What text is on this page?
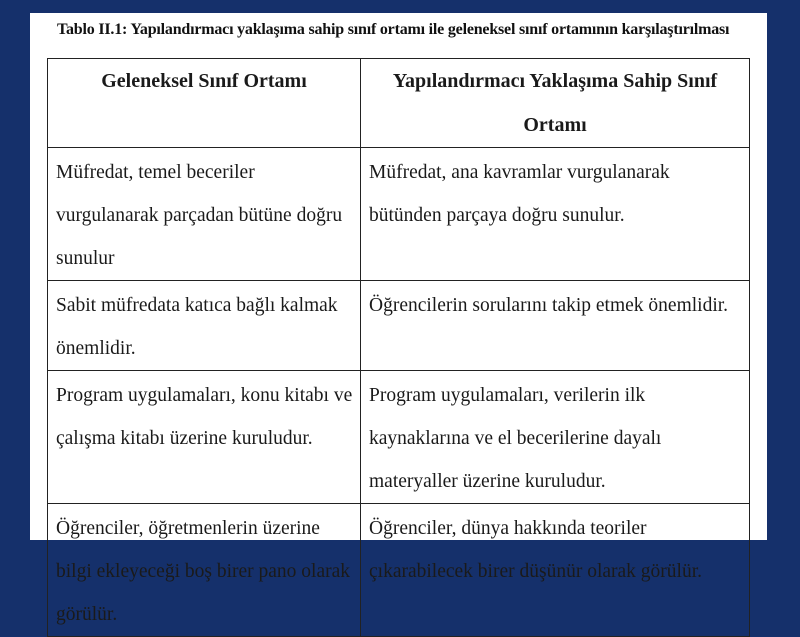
Tablo II.1: Yapılandırmacı yaklaşıma sahip sınıf ortamı ile geleneksel sınıf ortamının karşılaştırılması
Geleneksel Sınıf Ortamı	Yapılandırmacı Yaklaşıma Sahip Sınıf Ortamı
Müfredat, temel beceriler vurgulanarak parçadan bütüne doğru sunulur	Müfredat, ana kavramlar vurgulanarak bütünden parçaya doğru sunulur.
Sabit müfredata katıca bağlı kalmak önemlidir.	Öğrencilerin sorularını takip etmek önemlidir.
Program uygulamaları, konu kitabı ve çalışma kitabı üzerine kuruludur.	Program uygulamaları, verilerin ilk kaynaklarına ve el becerilerine dayalı materyaller üzerine kuruludur.
Öğrenciler, öğretmenlerin üzerine bilgi ekleyeceği boş birer pano olarak görülür.	Öğrenciler, dünya hakkında teoriler çıkarabilecek birer düşünür olarak görülür.
